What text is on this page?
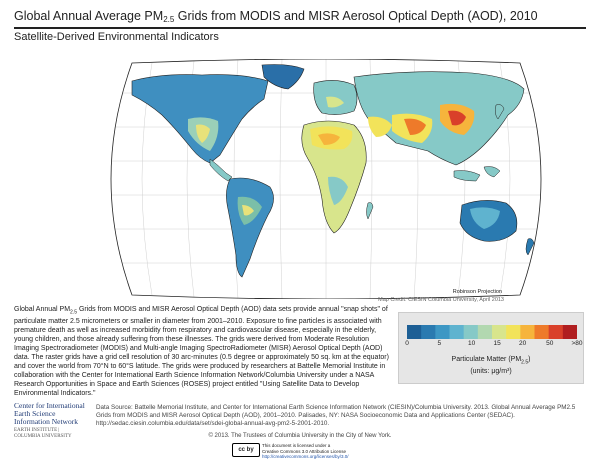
Global Annual Average $PM_{2.5}$ Grids from MODIS and MISR Aerosol Optical Depth (AOD), 2010
Satellite-Derived Environmental Indicators
Robinson Projection
Map Credit: CIESIN Columbia University, April 2013
Global Annual $PM_{2.5}$ Grids from MODIS and MISR Aerosol Optical Depth (AOD) data sets provide annual "snap shots" of particulate matter 2.5 micrometers or smaller in diameter from 2001–2010. Exposure to fine particles is associated with premature death as well as increased morbidity from respiratory and cardiovascular disease, especially in the elderly, young children, and those already suffering from these illnesses. The grids were derived from Moderate Resolution Imaging Spectroradiometer (MODIS) and Multi-angle Imaging SpectroRadiometer (MISR) Aerosol Optical Depth (AOD) data. The raster grids have a grid cell resolution of 30 arc-minutes (0.5 degree or approximately 50 sq. km at the equator) and cover the world from 70°N to 60°S latitude. The grids were produced by researchers at Battelle Memorial Institute in collaboration with the Center for International Earth Science Information Network/Columbia University under a NASA Research Opportunities in Space and Earth Sciences (ROSES) project entitled "Using Satellite Data to Develop Environmental Indicators."
0	5	10	15	20	50	>80
Particulate Matter $(PM_{2.5})$
(units: μg/m³)
Center for International Earth Science Information Network
EARTH INSTITUTE | COLUMBIA UNIVERSITY
Data Source: Battelle Memorial Institute, and Center for International Earth Science Information Network (CIESIN)/Columbia University. 2013. Global Annual Average PM2.5 Grids from MODIS and MISR Aerosol Optical Depth (AOD), 2001–2010. Palisades, NY: NASA Socioeconomic Data and Applications Center (SEDAC). http://sedac.ciesin.columbia.edu/data/set/sdei-global-annual-avg-pm2-5-2001-2010.
© 2013. The Trustees of Columbia University in the City of New York.
cc by
This document is licensed under a
Creative Commons 3.0 Attribution License
http://creativecommons.org/licenses/by/3.0/
